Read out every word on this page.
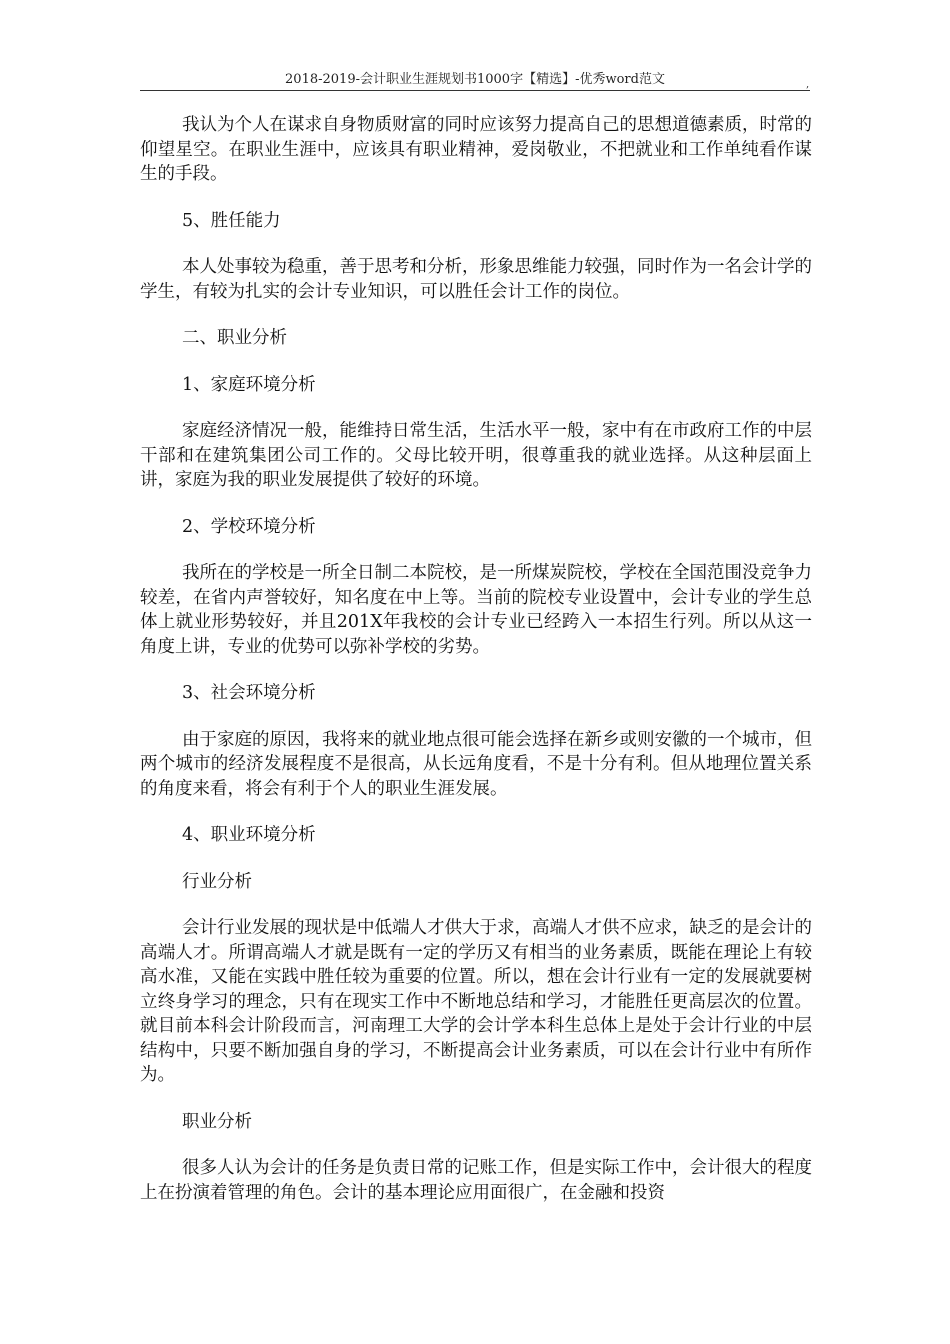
2018-2019-会计职业生涯规划书1000字【精选】-优秀word范文	,

我认为个人在谋求自身物质财富的同时应该努力提高自己的思想道德素质，时常的仰望星空。在职业生涯中，应该具有职业精神，爱岗敬业，不把就业和工作单纯看作谋生的手段。

5、胜任能力

本人处事较为稳重，善于思考和分析，形象思维能力较强，同时作为一名会计学的学生，有较为扎实的会计专业知识，可以胜任会计工作的岗位。

二、职业分析

1、家庭环境分析

家庭经济情况一般，能维持日常生活，生活水平一般，家中有在市政府工作的中层干部和在建筑集团公司工作的。父母比较开明，很尊重我的就业选择。从这种层面上讲，家庭为我的职业发展提供了较好的环境。

2、学校环境分析

我所在的学校是一所全日制二本院校，是一所煤炭院校，学校在全国范围没竞争力较差，在省内声誉较好，知名度在中上等。当前的院校专业设置中，会计专业的学生总体上就业形势较好，并且201X年我校的会计专业已经跨入一本招生行列。所以从这一角度上讲，专业的优势可以弥补学校的劣势。

3、社会环境分析

由于家庭的原因，我将来的就业地点很可能会选择在新乡或则安徽的一个城市，但两个城市的经济发展程度不是很高，从长远角度看，不是十分有利。但从地理位置关系的角度来看，将会有利于个人的职业生涯发展。

4、职业环境分析

行业分析

会计行业发展的现状是中低端人才供大于求，高端人才供不应求，缺乏的是会计的高端人才。所谓高端人才就是既有一定的学历又有相当的业务素质，既能在理论上有较高水准，又能在实践中胜任较为重要的位置。所以，想在会计行业有一定的发展就要树立终身学习的理念，只有在现实工作中不断地总结和学习，才能胜任更高层次的位置。就目前本科会计阶段而言，河南理工大学的会计学本科生总体上是处于会计行业的中层结构中，只要不断加强自身的学习，不断提高会计业务素质，可以在会计行业中有所作为。

职业分析

很多人认为会计的任务是负责日常的记账工作，但是实际工作中，会计很大的程度上在扮演着管理的角色。会计的基本理论应用面很广，在金融和投资
